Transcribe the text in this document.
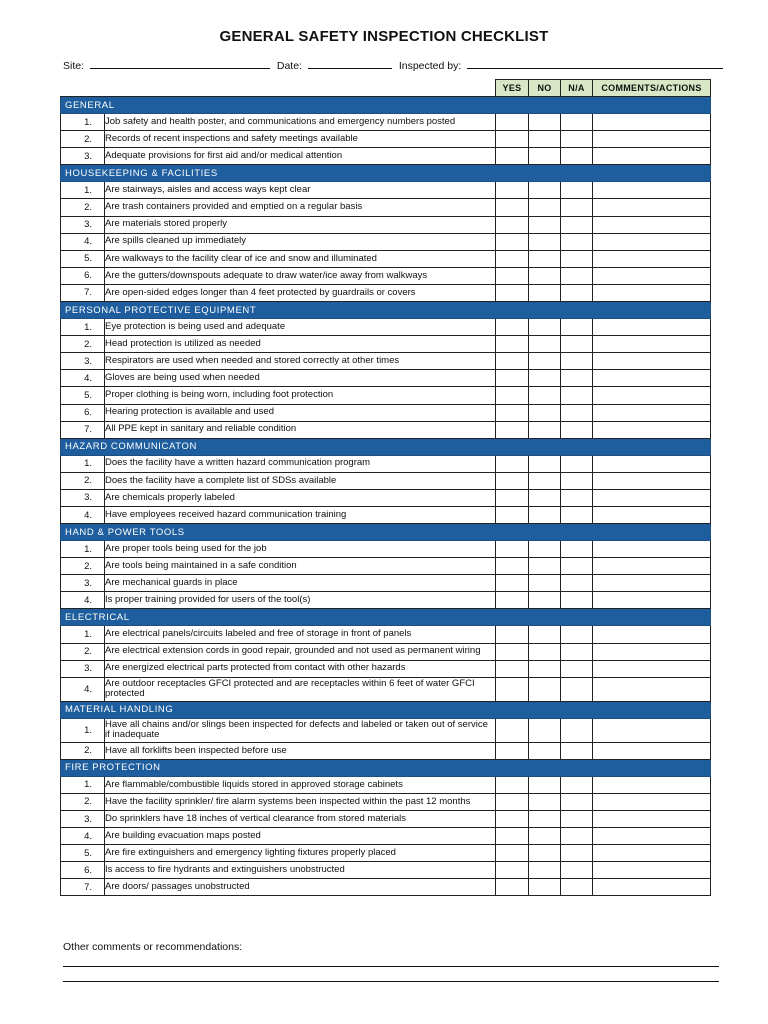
GENERAL SAFETY INSPECTION CHECKLIST
Site:	Date:	Inspected by:
		YES	NO	N/A	COMMENTS/ACTIONS
GENERAL					
1.	Job safety and health poster, and communications and emergency numbers posted				
2.	Records of recent inspections and safety meetings available				
3.	Adequate provisions for first aid and/or medical attention				
HOUSEKEEPING & FACILITIES					
1.	Are stairways, aisles and access ways kept clear				
2.	Are trash containers provided and emptied on a regular basis				
3.	Are materials stored properly				
4.	Are spills cleaned up immediately				
5.	Are walkways to the facility clear of ice and snow and illuminated				
6.	Are the gutters/downspouts adequate to draw water/ice away from walkways				
7.	Are open-sided edges longer than 4 feet protected by guardrails or covers				
PERSONAL PROTECTIVE EQUIPMENT					
1.	Eye protection is being used and adequate				
2.	Head protection is utilized as needed				
3.	Respirators are used when needed and stored correctly at other times				
4.	Gloves are being used when needed				
5.	Proper clothing is being worn, including foot protection				
6.	Hearing protection is available and used				
7.	All PPE kept in sanitary and reliable condition				
HAZARD COMMUNICATON					
1.	Does the facility have a written hazard communication program				
2.	Does the facility have a complete list of SDSs available				
3.	Are chemicals properly labeled				
4.	Have employees received hazard communication training				
HAND & POWER TOOLS					
1.	Are proper tools being used for the job				
2.	Are tools being maintained in a safe condition				
3.	Are mechanical guards in place				
4.	Is proper training provided for users of the tool(s)				
ELECTRICAL					
1.	Are electrical panels/circuits labeled and free of storage in front of panels				
2.	Are electrical extension cords in good repair, grounded and not used as permanent wiring				
3.	Are energized electrical parts protected from contact with other hazards				
4.	Are outdoor receptacles GFCI protected and are receptacles within 6 feet of water GFCI protected				
MATERIAL HANDLING					
1.	Have all chains and/or slings been inspected for defects and labeled or taken out of service if inadequate				
2.	Have all forklifts been inspected before use				
FIRE PROTECTION					
1.	Are flammable/combustible liquids stored in approved storage cabinets				
2.	Have the facility sprinkler/ fire alarm systems been inspected within the past 12 months				
3.	Do sprinklers have 18 inches of vertical clearance from stored materials				
4.	Are building evacuation maps posted				
5.	Are fire extinguishers and emergency lighting fixtures properly placed				
6.	Is access to fire hydrants and extinguishers unobstructed				
7.	Are doors/ passages unobstructed				
Other comments or recommendations:
